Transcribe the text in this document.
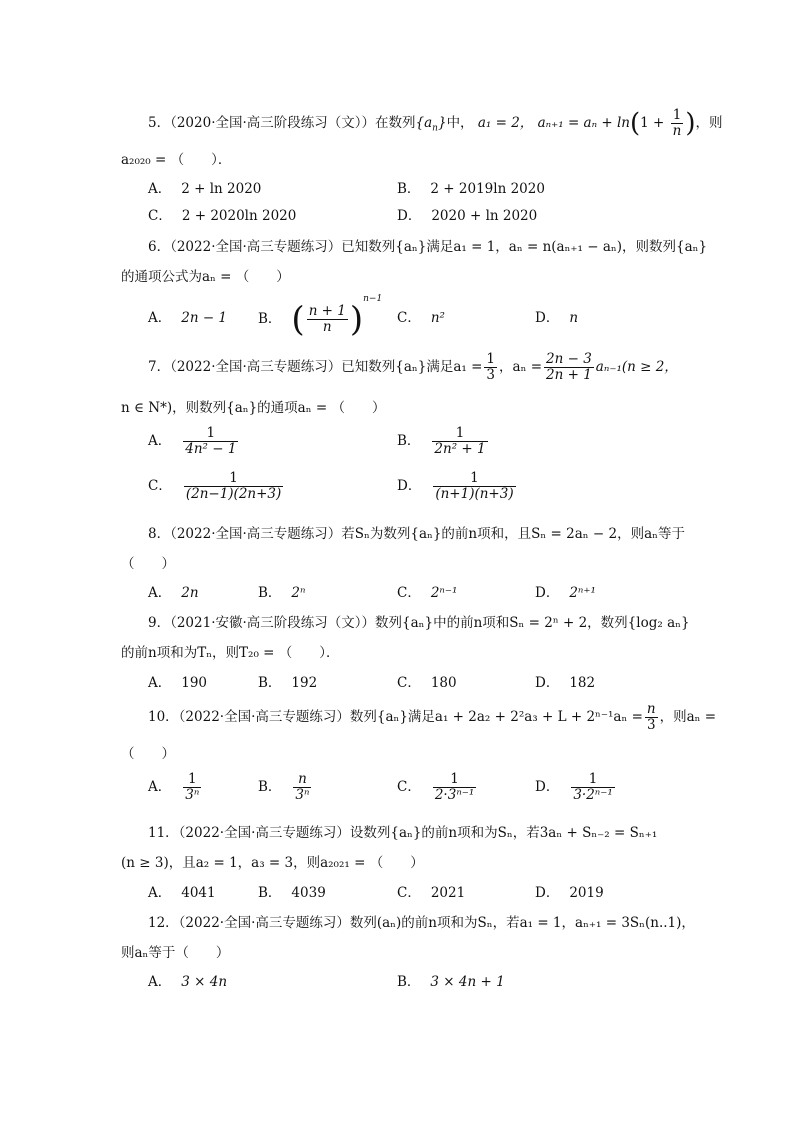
5．（2020·全国·高三阶段练习（文））在数列$\{a_n\}$中， a₁ = 2， $a_{n+1} = a_n + \ln(1 + \frac{1}{n}$ )，则
a₂₀₂₀ = （　　）．
A． 2 + ln 2020	B． 2 + 2019ln 2020
C． 2 + 2020ln 2020	D． 2020 + ln 2020
6．（2022·全国·高三专题练习）已知数列{aₙ}满足a₁ = 1，aₙ = n(aₙ₊₁ − aₙ)，则数列{aₙ}
的通项公式为aₙ = （　　）
A． 2n − 1 B． ( $\frac{n + 1}{n} )^{n-1}$
C． n²	D． n
7．（2022·全国·高三专题练习）已知数列{aₙ}满足$a_1 = \frac{1}{3}$ ，$a_n = \frac{2n - 3}{2n + 1} a_{n-1}(n \ge 2$，
n ∈ N*)，则数列{aₙ}的通项aₙ = （　　）
A． $\frac{1}{\text{4n² − 1}}$	B． $\frac{1}{\text{2n² + 1}}$
C． $\frac{1}{(2n-1)(2n+3)}$	D． $\frac{1}{(n+1)(n+3)}$
8．（2022·全国·高三专题练习）若Sₙ为数列{aₙ}的前n项和，且Sₙ = 2aₙ − 2，则aₙ等于
（　　）
A． 2n	B． 2ⁿ	C． 2ⁿ⁻¹	D． 2ⁿ⁺¹
9．（2021·安徽·高三阶段练习（文））数列{aₙ}中的前n项和Sₙ = 2ⁿ + 2，数列{log₂ aₙ}
的前n项和为Tₙ，则T₂₀ = （　　）．
A． 190	B． 192	C． 180	D． 182
10．（2022·全国·高三专题练习）数列{aₙ}满足$a_1 + 2a_2 + 2^2a_3 + L + 2^{n-1}a_n = \frac{n}{3}$ ，则aₙ =
（　　）
A． $\frac{1}{\text{3ⁿ}}$	B． $\frac{n}{\text{3ⁿ}}$	C． $\frac{1}{\text{2·3ⁿ⁻¹}}$	D． $\frac{1}{\text{3·2ⁿ⁻¹}}$
11．（2022·全国·高三专题练习）设数列{aₙ}的前n项和为Sₙ，若3aₙ + Sₙ₋₂ = Sₙ₊₁
(n ≥ 3)，且a₂ = 1，a₃ = 3，则a₂₀₂₁ = （　　）
A． 4041	B． 4039	C． 2021	D． 2019
12．（2022·全国·高三专题练习）数列(aₙ)的前n项和为Sₙ，若a₁ = 1，aₙ₊₁ = 3Sₙ(n..1)，
则aₙ等于（　　）
A． 3 × 4n	B． 3 × 4n + 1
